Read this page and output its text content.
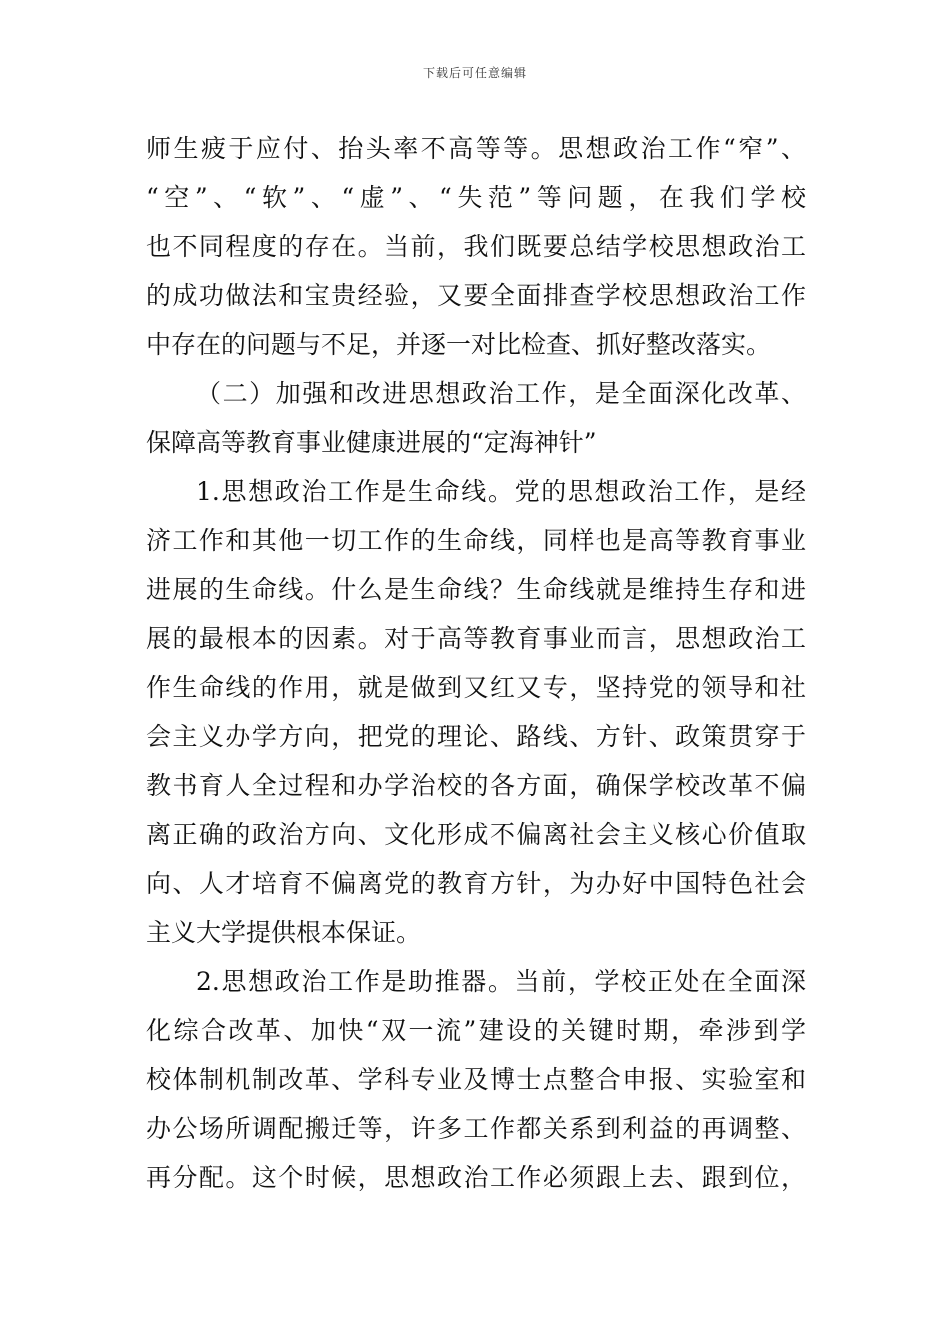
下载后可任意编辑
师生疲于应付、抬头率不高等等。思想政治工作“窄”、
“空”、“软”、“虚”、“失范”等问题，在我们学校
也不同程度的存在。当前，我们既要总结学校思想政治工
的成功做法和宝贵经验，又要全面排查学校思想政治工作
中存在的问题与不足，并逐一对比检查、抓好整改落实。
（二）加强和改进思想政治工作，是全面深化改革、
保障高等教育事业健康进展的“定海神针”
1.思想政治工作是生命线。党的思想政治工作，是经
济工作和其他一切工作的生命线，同样也是高等教育事业
进展的生命线。什么是生命线？生命线就是维持生存和进
展的最根本的因素。对于高等教育事业而言，思想政治工
作生命线的作用，就是做到又红又专，坚持党的领导和社
会主义办学方向，把党的理论、路线、方针、政策贯穿于
教书育人全过程和办学治校的各方面，确保学校改革不偏
离正确的政治方向、文化形成不偏离社会主义核心价值取
向、人才培育不偏离党的教育方针，为办好中国特色社会
主义大学提供根本保证。
2.思想政治工作是助推器。当前，学校正处在全面深
化综合改革、加快“双一流”建设的关键时期，牵涉到学
校体制机制改革、学科专业及博士点整合申报、实验室和
办公场所调配搬迁等，许多工作都关系到利益的再调整、
再分配。这个时候，思想政治工作必须跟上去、跟到位，
